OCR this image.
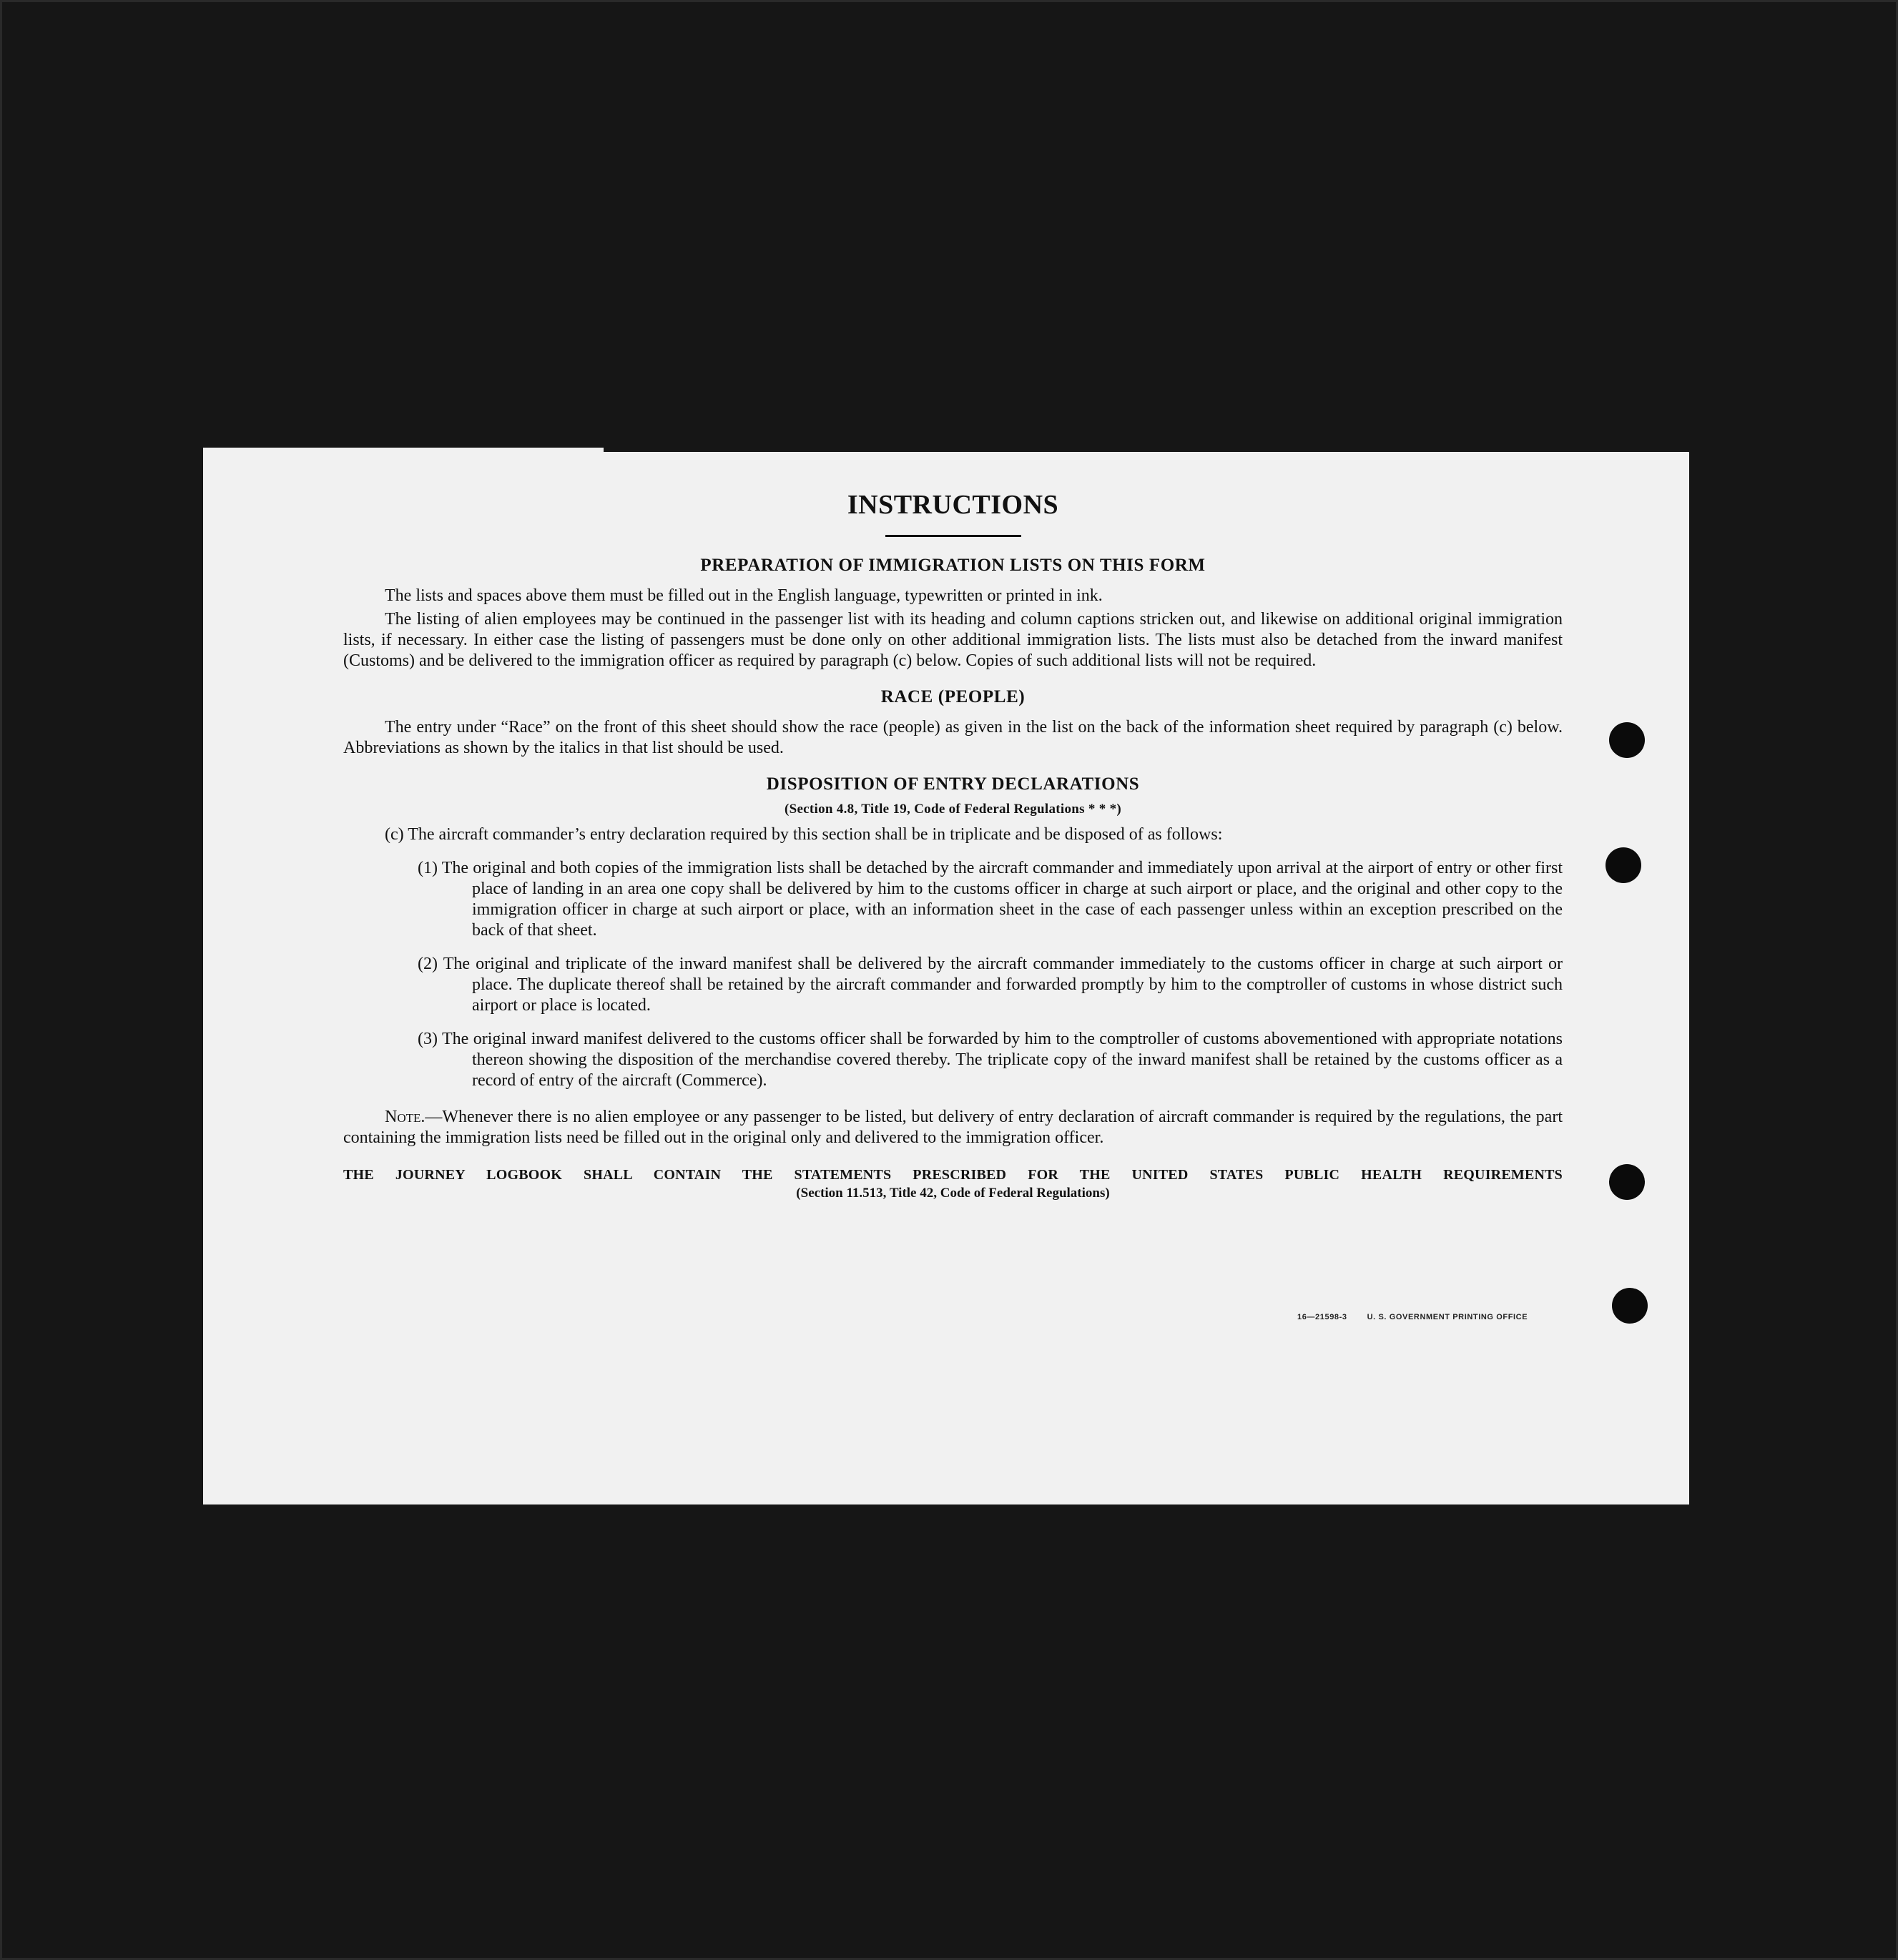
INSTRUCTIONS
PREPARATION OF IMMIGRATION LISTS ON THIS FORM

The lists and spaces above them must be filled out in the English language, typewritten or printed in ink.

The listing of alien employees may be continued in the passenger list with its heading and column captions stricken out, and likewise on additional original immigration lists, if necessary. In either case the listing of passengers must be done only on other additional immigration lists. The lists must also be detached from the inward manifest (Customs) and be delivered to the immigration officer as required by paragraph (c) below. Copies of such additional lists will not be required.

RACE (PEOPLE)

The entry under “Race” on the front of this sheet should show the race (people) as given in the list on the back of the information sheet required by paragraph (c) below. Abbreviations as shown by the italics in that list should be used.

DISPOSITION OF ENTRY DECLARATIONS
(Section 4.8, Title 19, Code of Federal Regulations * * *)

(c) The aircraft commander’s entry declaration required by this section shall be in triplicate and be disposed of as follows:

(1) The original and both copies of the immigration lists shall be detached by the aircraft commander and immediately upon arrival at the airport of entry or other first place of landing in an area one copy shall be delivered by him to the customs officer in charge at such airport or place, and the original and other copy to the immigration officer in charge at such airport or place, with an information sheet in the case of each passenger unless within an exception prescribed on the back of that sheet.

(2) The original and triplicate of the inward manifest shall be delivered by the aircraft commander immediately to the customs officer in charge at such airport or place. The duplicate thereof shall be retained by the aircraft commander and forwarded promptly by him to the comptroller of customs in whose district such airport or place is located.

(3) The original inward manifest delivered to the customs officer shall be forwarded by him to the comptroller of customs abovementioned with appropriate notations thereon showing the disposition of the merchandise covered thereby. The triplicate copy of the inward manifest shall be retained by the customs officer as a record of entry of the aircraft (Commerce).

Note.—Whenever there is no alien employee or any passenger to be listed, but delivery of entry declaration of aircraft commander is required by the regulations, the part containing the immigration lists need be filled out in the original only and delivered to the immigration officer.

THE JOURNEY LOGBOOK SHALL CONTAIN THE STATEMENTS PRESCRIBED FOR THE UNITED STATES PUBLIC HEALTH REQUIREMENTS
(Section 11.513, Title 42, Code of Federal Regulations)
16—21598-3	U. S. GOVERNMENT PRINTING OFFICE
